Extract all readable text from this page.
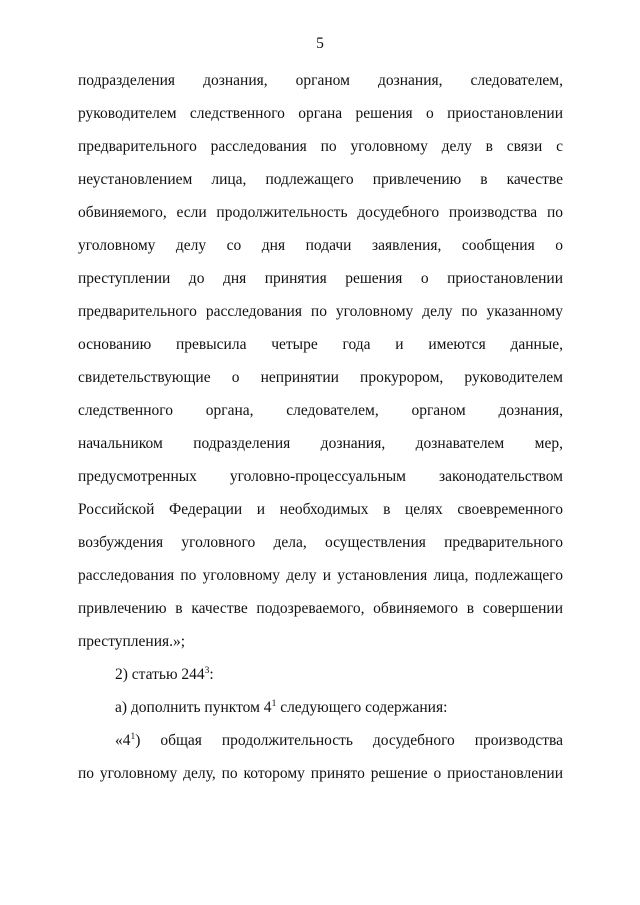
5
подразделения дознания, органом дознания, следователем,
руководителем следственного органа решения о приостановлении
предварительного расследования по уголовному делу в связи с
неустановлением лица, подлежащего привлечению в качестве
обвиняемого, если продолжительность досудебного производства по
уголовному делу со дня подачи заявления, сообщения о
преступлении до дня принятия решения о приостановлении
предварительного расследования по уголовному делу по указанному
основанию превысила четыре года и имеются данные,
свидетельствующие о непринятии прокурором, руководителем
следственного органа, следователем, органом дознания,
начальником подразделения дознания, дознавателем мер,
предусмотренных уголовно-процессуальным законодательством
Российской Федерации и необходимых в целях своевременного
возбуждения уголовного дела, осуществления предварительного
расследования по уголовному делу и установления лица, подлежащего
привлечению в качестве подозреваемого, обвиняемого в совершении
преступления.»;
2) статью $244^3$:
а) дополнить пунктом $4^1$ следующего содержания:
«$4^1$) общая продолжительность досудебного производства
по уголовному делу, по которому принято решение о приостановлении
